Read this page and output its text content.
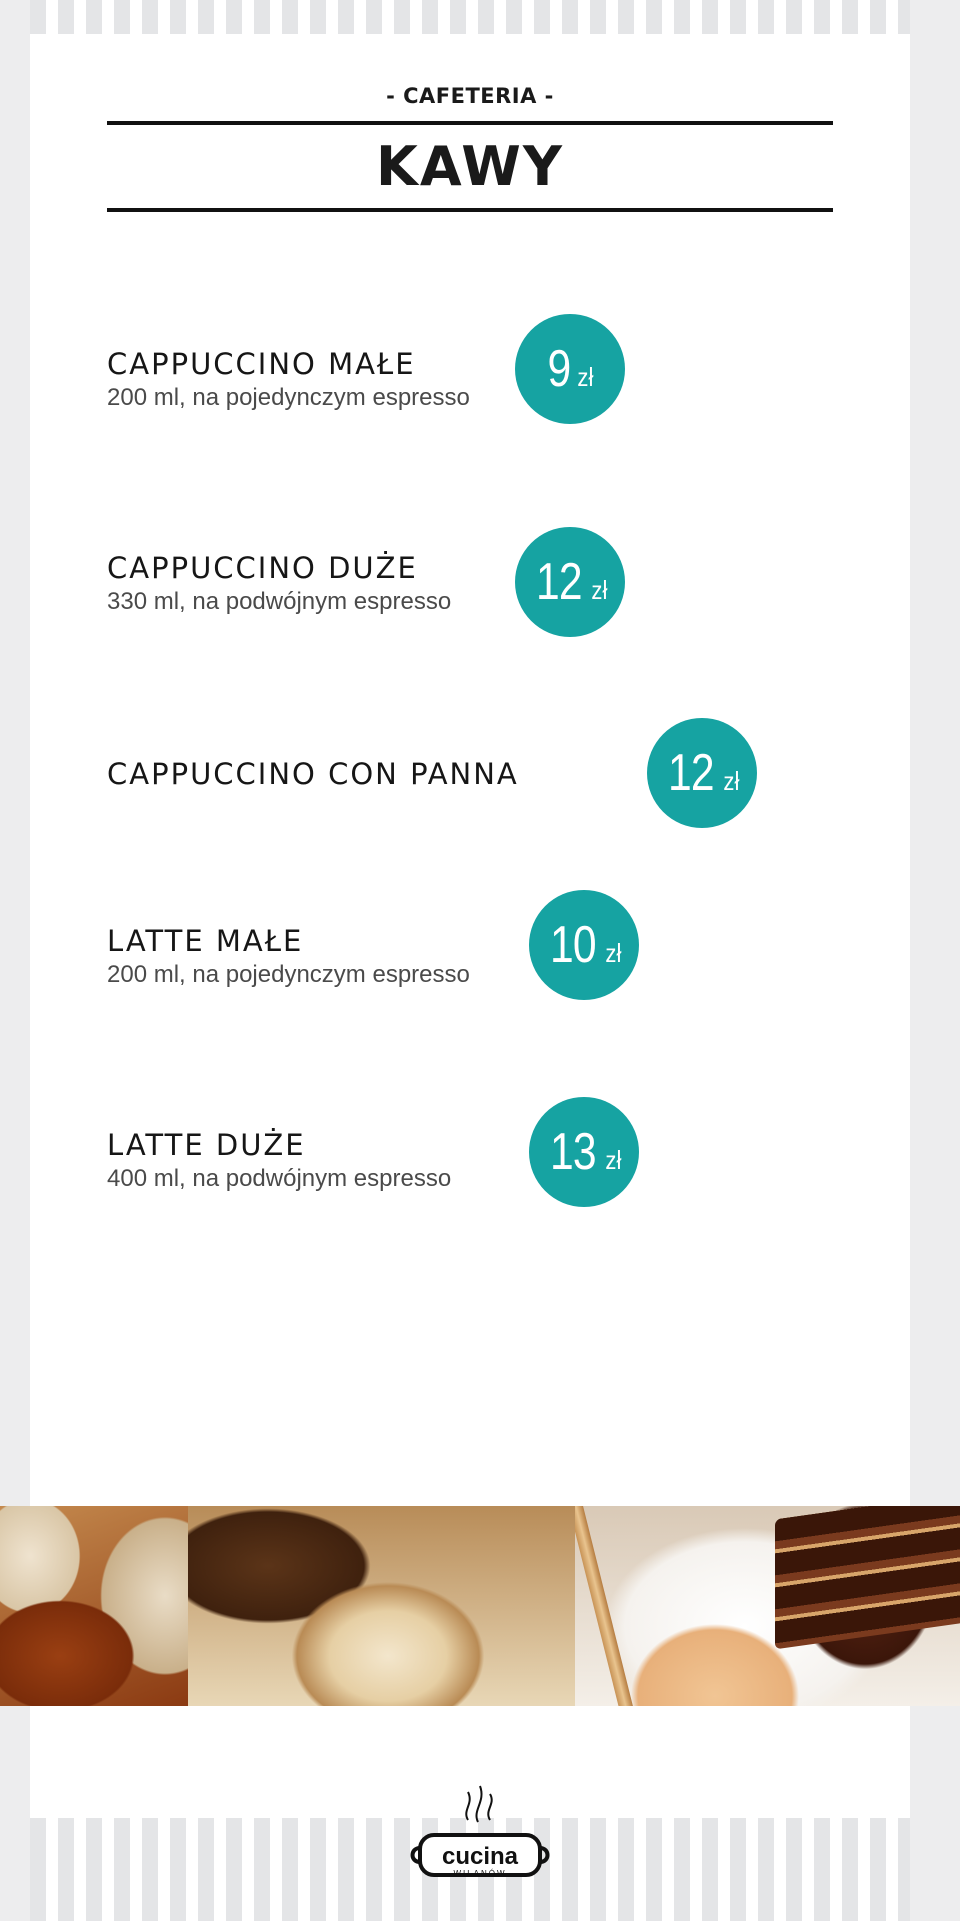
- CAFETERIA -
KAWY
CAPPUCCINO MAŁE
200 ml, na pojedynczym espresso 9 zł
CAPPUCCINO DUŻE
330 ml, na podwójnym espresso 12 zł
CAPPUCCINO CON PANNA	12 zł
LATTE MAŁE
200 ml, na pojedynczym espresso
10 zł
LATTE DUŻE
400 ml, na podwójnym espresso 13 zł
cucina
WILANÓW
